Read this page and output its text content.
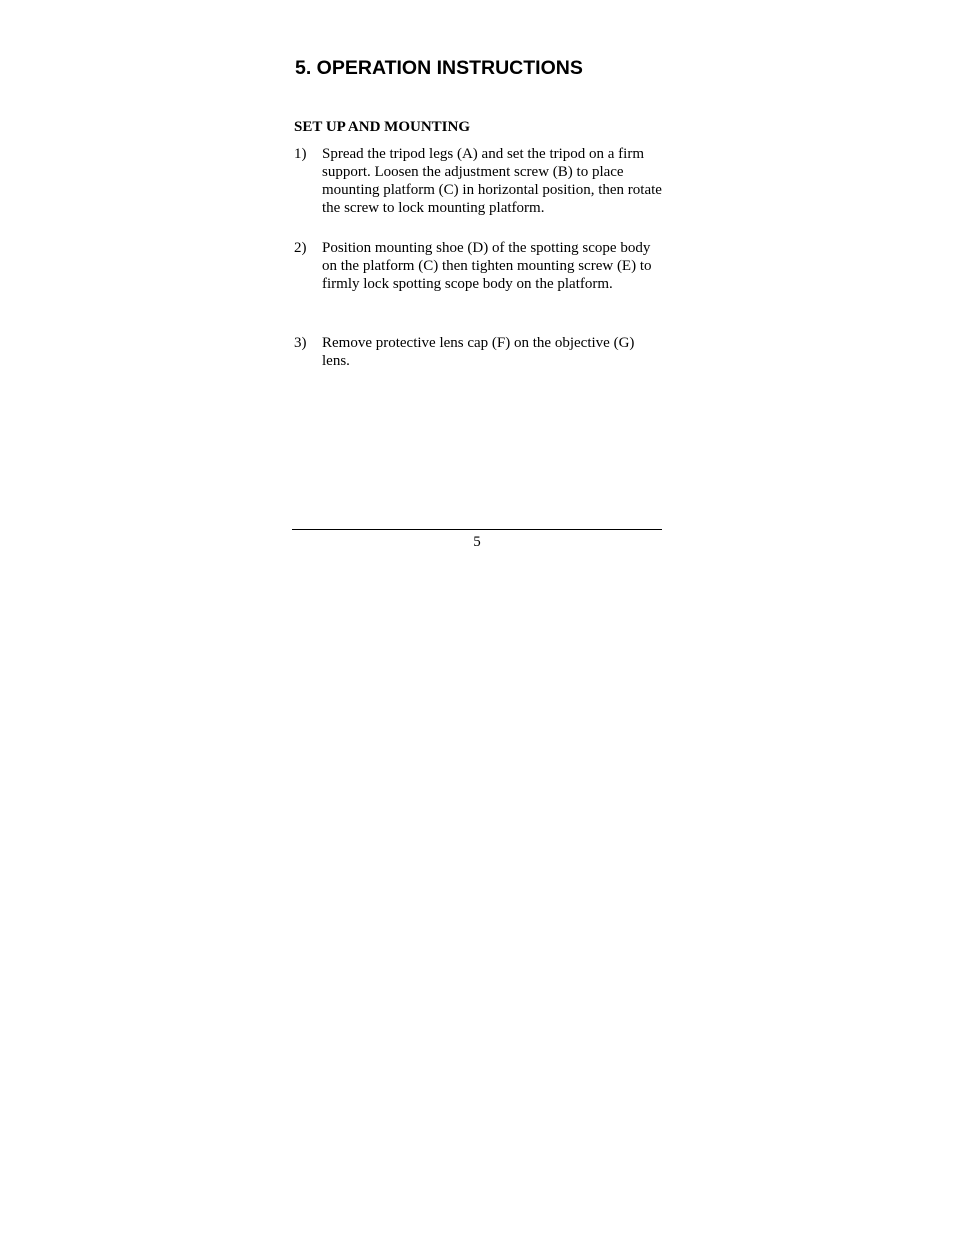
5. OPERATION INSTRUCTIONS
SET UP AND MOUNTING
1) Spread the tripod legs (A) and set the tripod on a firm support. Loosen the adjustment screw (B) to place mounting platform (C) in horizontal position, then rotate the screw to lock mounting platform.
2) Position mounting shoe (D) of the spotting scope body on the platform (C) then tighten mounting screw (E) to firmly lock spotting scope body on the platform.
3) Remove protective lens cap (F) on the objective (G) lens.
5
